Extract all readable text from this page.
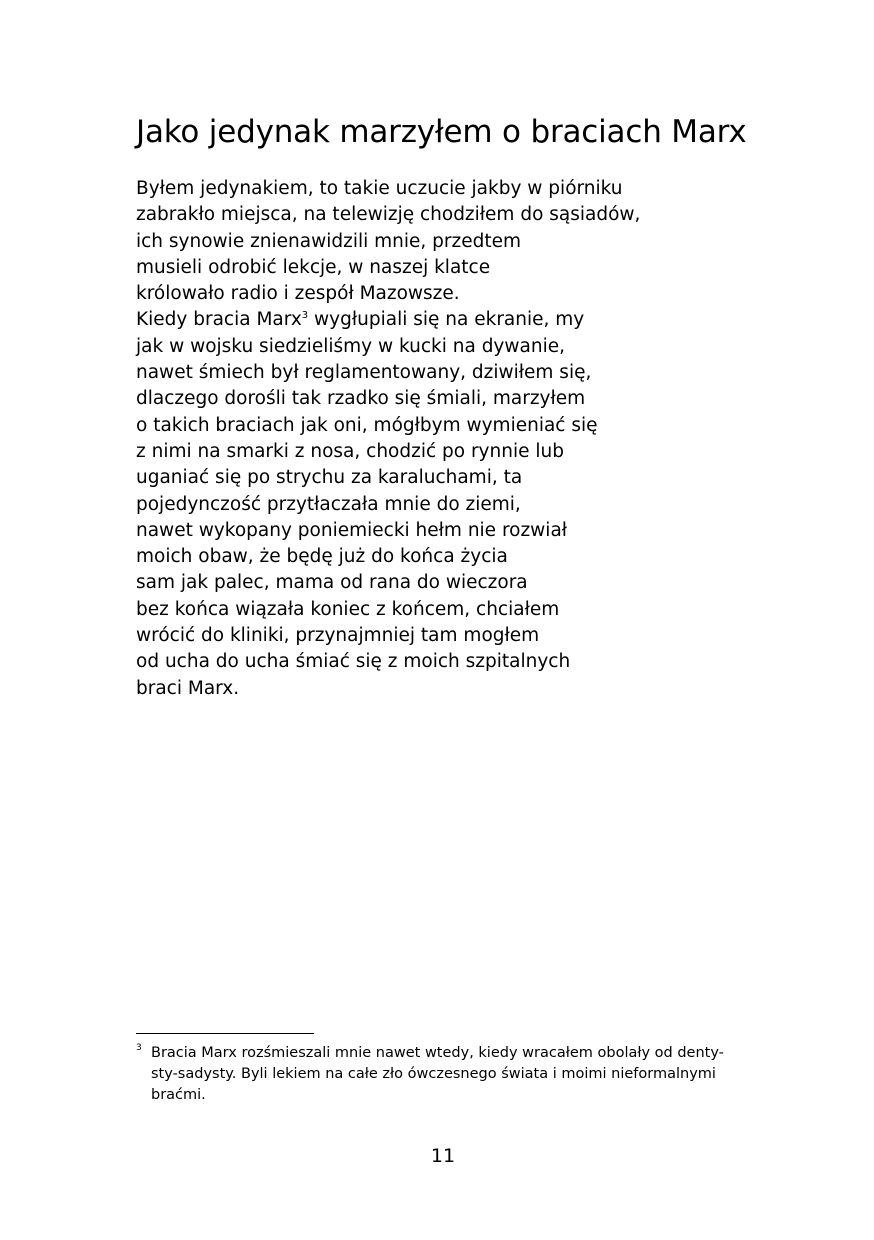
Jako jedynak marzyłem o braciach Marx
Byłem jedynakiem, to takie uczucie jakby w piórniku
zabrakło miejsca, na telewizję chodziłem do sąsiadów,
ich synowie znienawidzili mnie, przedtem
musieli odrobić lekcje, w naszej klatce
królowało radio i zespół Mazowsze.
Kiedy bracia Marx$^3$ wygłupiali się na ekranie, my
jak w wojsku siedzieliśmy w kucki na dywanie,
nawet śmiech był reglamentowany, dziwiłem się,
dlaczego dorośli tak rzadko się śmiali, marzyłem
o takich braciach jak oni, mógłbym wymieniać się
z nimi na smarki z nosa, chodzić po rynnie lub
uganiać się po strychu za karaluchami, ta
pojedynczość przytłaczała mnie do ziemi,
nawet wykopany poniemiecki hełm nie rozwiał
moich obaw, że będę już do końca życia
sam jak palec, mama od rana do wieczora
bez końca wiązała koniec z końcem, chciałem
wrócić do kliniki, przynajmniej tam mogłem
od ucha do ucha śmiać się z moich szpitalnych
braci Marx.
3 Bracia Marx rozśmieszali mnie nawet wtedy, kiedy wracałem obolały od denty-
sty-sadysty. Byli lekiem na całe zło ówczesnego świata i moimi nieformalnymi
braćmi.
11
